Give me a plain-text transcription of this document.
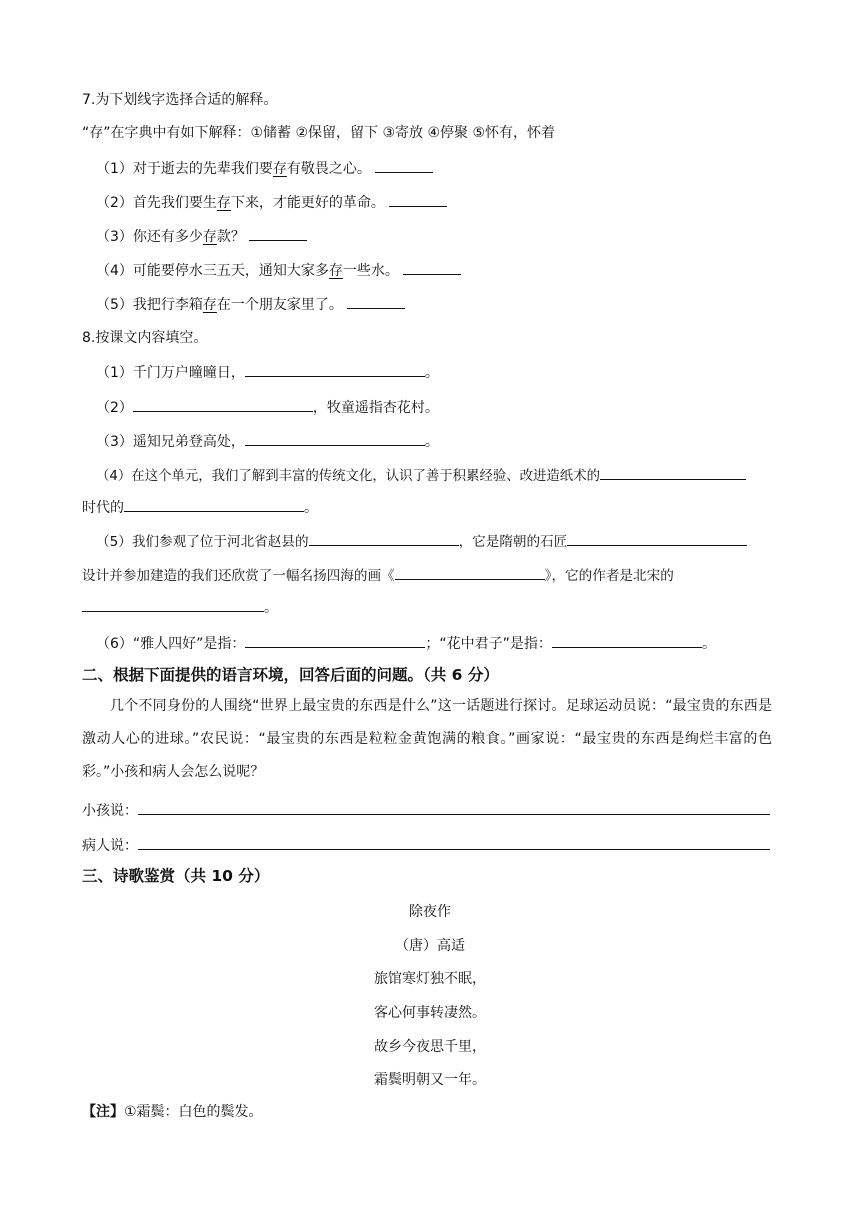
7.为下划线字选择合适的解释。
“存”在字典中有如下解释：①储蓄 ②保留，留下 ③寄放 ④停聚 ⑤怀有，怀着
（1）对于逝去的先辈我们要存有敬畏之心。
（2）首先我们要生存下来，才能更好的革命。
（3）你还有多少存款？
（4）可能要停水三五天，通知大家多存一些水。
（5）我把行李箱存在一个朋友家里了。
8.按课文内容填空。
（1）千门万户曈曈日，	。
（2）	，牧童遥指杏花村。
（3）遥知兄弟登高处，	。
（4）在这个单元，我们了解到丰富的传统文化，认识了善于积累经验、改进造纸术的
时代的	。
（5）我们参观了位于河北省赵县的	，它是隋朝的石匠
设计并参加建造的我们还欣赏了一幅名扬四海的画《	》，它的作者是北宋的
。
（6）“雅人四好”是指：	；“花中君子”是指：	。
二、根据下面提供的语言环境，回答后面的问题。（共 6 分）
几个不同身份的人围绕“世界上最宝贵的东西是什么”这一话题进行探讨。足球运动员说：“最宝贵的东西是激动人心的进球。”农民说：“最宝贵的东西是粒粒金黄饱满的粮食。”画家说：“最宝贵的东西是绚烂丰富的色彩。”小孩和病人会怎么说呢？
小孩说：
病人说：
三、诗歌鉴赏（共 10 分）
除夜作
（唐）高适
旅馆寒灯独不眠，
客心何事转凄然。
故乡今夜思千里，
霜鬓明朝又一年。
【注】①霜鬓：白色的鬓发。
